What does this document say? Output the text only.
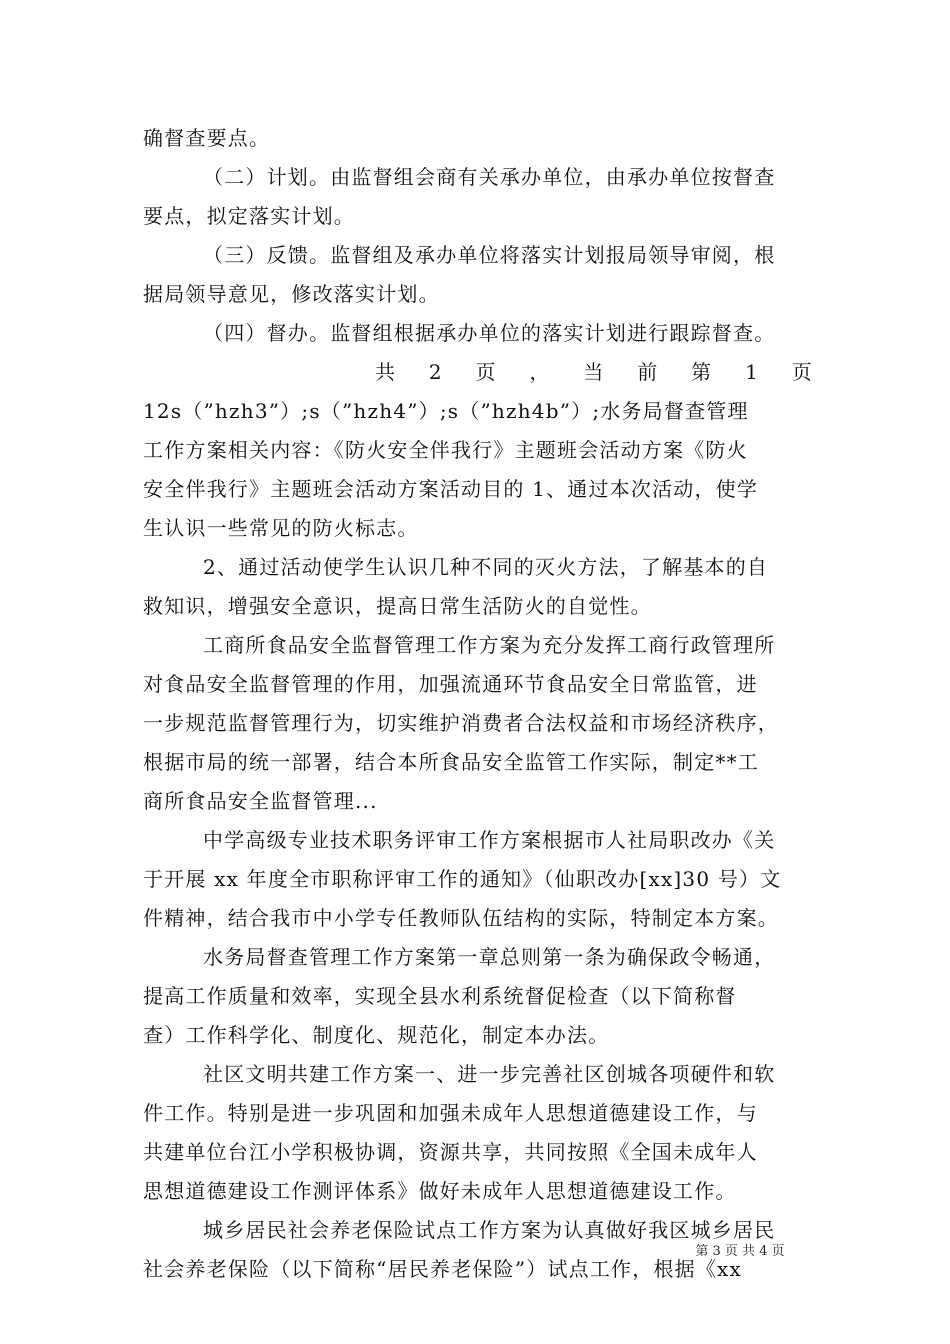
确督查要点。
（二）计划。由监督组会商有关承办单位，由承办单位按督查
要点，拟定落实计划。
（三）反馈。监督组及承办单位将落实计划报局领导审阅，根
据局领导意见，修改落实计划。
（四）督办。监督组根据承办单位的落实计划进行跟踪督查。
共 2 页 ， 当 前 第 1 页
12s（”hzh3”）;s（”hzh4”）;s（”hzh4b”）;水务局督查管理
工作方案相关内容：《防火安全伴我行》主题班会活动方案《防火
安全伴我行》主题班会活动方案活动目的 1、通过本次活动，使学
生认识一些常见的防火标志。
2、通过活动使学生认识几种不同的灭火方法，了解基本的自
救知识，增强安全意识，提高日常生活防火的自觉性。
工商所食品安全监督管理工作方案为充分发挥工商行政管理所
对食品安全监督管理的作用，加强流通环节食品安全日常监管，进
一步规范监督管理行为，切实维护消费者合法权益和市场经济秩序，
根据市局的统一部署，结合本所食品安全监管工作实际，制定**工
商所食品安全监督管理...
中学高级专业技术职务评审工作方案根据市人社局职改办《关
于开展 xx 年度全市职称评审工作的通知》（仙职改办[xx]30 号）文
件精神，结合我市中小学专任教师队伍结构的实际，特制定本方案。
水务局督查管理工作方案第一章总则第一条为确保政令畅通，
提高工作质量和效率，实现全县水利系统督促检查（以下简称督
查）工作科学化、制度化、规范化，制定本办法。
社区文明共建工作方案一、进一步完善社区创城各项硬件和软
件工作。特别是进一步巩固和加强未成年人思想道德建设工作，与
共建单位台江小学积极协调，资源共享，共同按照《全国未成年人
思想道德建设工作测评体系》做好未成年人思想道德建设工作。
城乡居民社会养老保险试点工作方案为认真做好我区城乡居民
社会养老保险（以下简称“居民养老保险”）试点工作，根据《xx
第 3 页 共 4 页
